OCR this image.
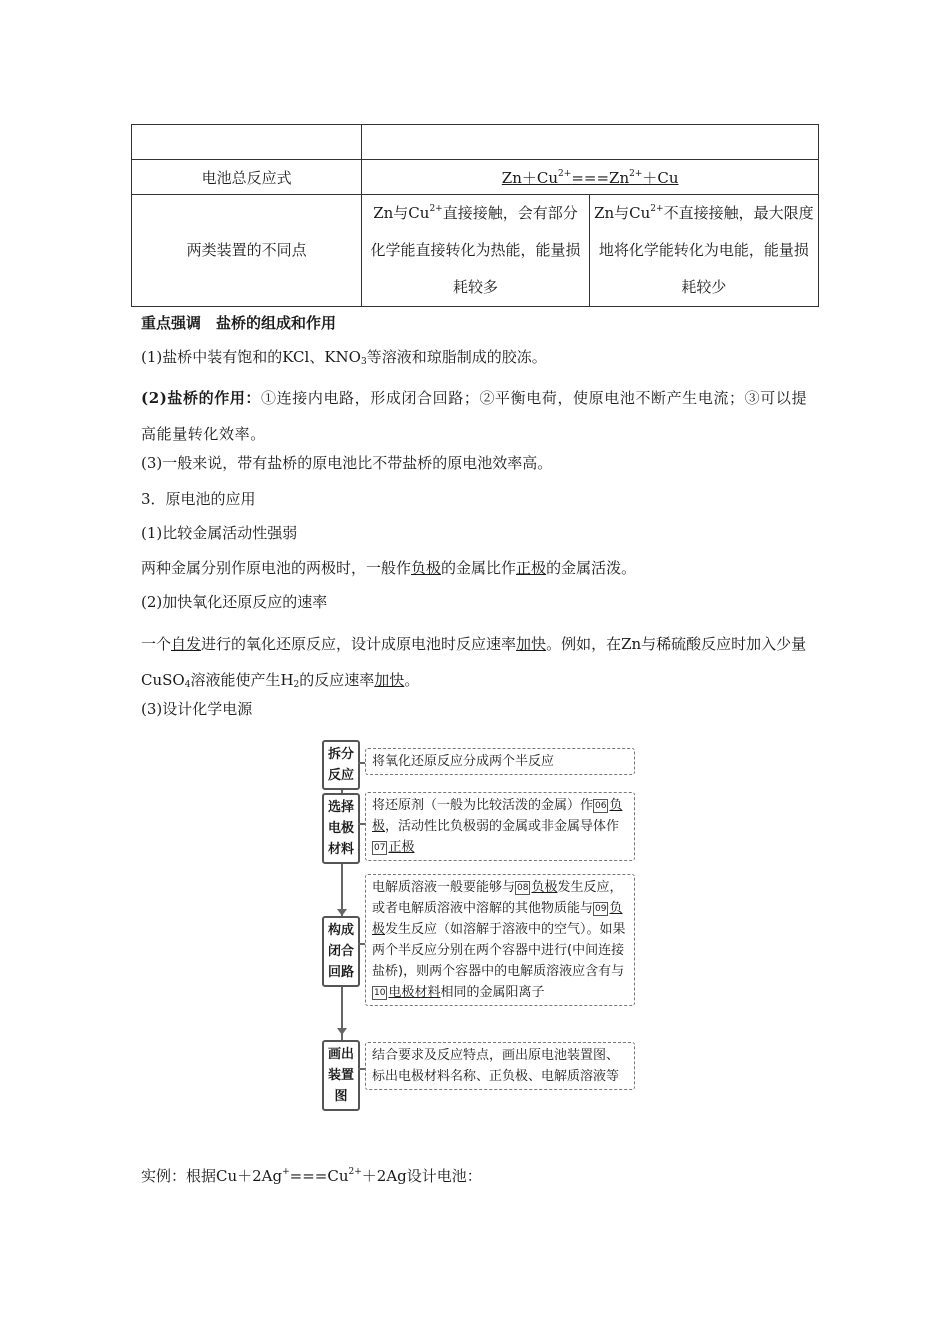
电池总反应式	$Zn+Cu^{2+}===Zn^{2+}+Cu$	
两类装置的不同点	Zn与$Cu^{2+}$直接接触，会有部分化学能直接转化为热能，能量损耗较多	Zn与$Cu^{2+}$不直接接触，最大限度地将化学能转化为电能，能量损耗较少
重点强调　盐桥的组成和作用
(1)盐桥中装有饱和的KCl、$KNO_3$等溶液和琼脂制成的胶冻。
(2)盐桥的作用：①连接内电路，形成闭合回路；②平衡电荷，使原电池不断产生电流；③可以提高能量转化效率。
(3)一般来说，带有盐桥的原电池比不带盐桥的原电池效率高。
3．原电池的应用
(1)比较金属活动性强弱
两种金属分别作原电池的两极时，一般作负极的金属比作正极的金属活泼。
(2)加快氧化还原反应的速率
一个自发进行的氧化还原反应，设计成原电池时反应速率加快。例如，在Zn与稀硫酸反应时加入少量CuSO$_4$溶液能使产生$H_2$的反应速率加快。
(3)设计化学电源
拆分
反应
将氧化还原反应分成两个半反应
选择
电极
材料
将还原剂（一般为比较活泼的金属）作 06 负极，活动性比负极弱的金属或非金属导体作07 正极
构成
闭合
回路
电解质溶液一般要能够与 08 负极发生反应，或者电解质溶液中溶解的其他物质能与 09 负极发生反应（如溶解于溶液中的空气）。如果两个半反应分别在两个容器中进行(中间连接盐桥)，则两个容器中的电解质溶液应含有与10 电极材料相同的金属阳离子
画出
装置
图
结合要求及反应特点，画出原电池装置图、标出电极材料名称、正负极、电解质溶液等
实例：根据$Cu+2Ag^+===Cu^{2+}+2Ag$设计电池：
